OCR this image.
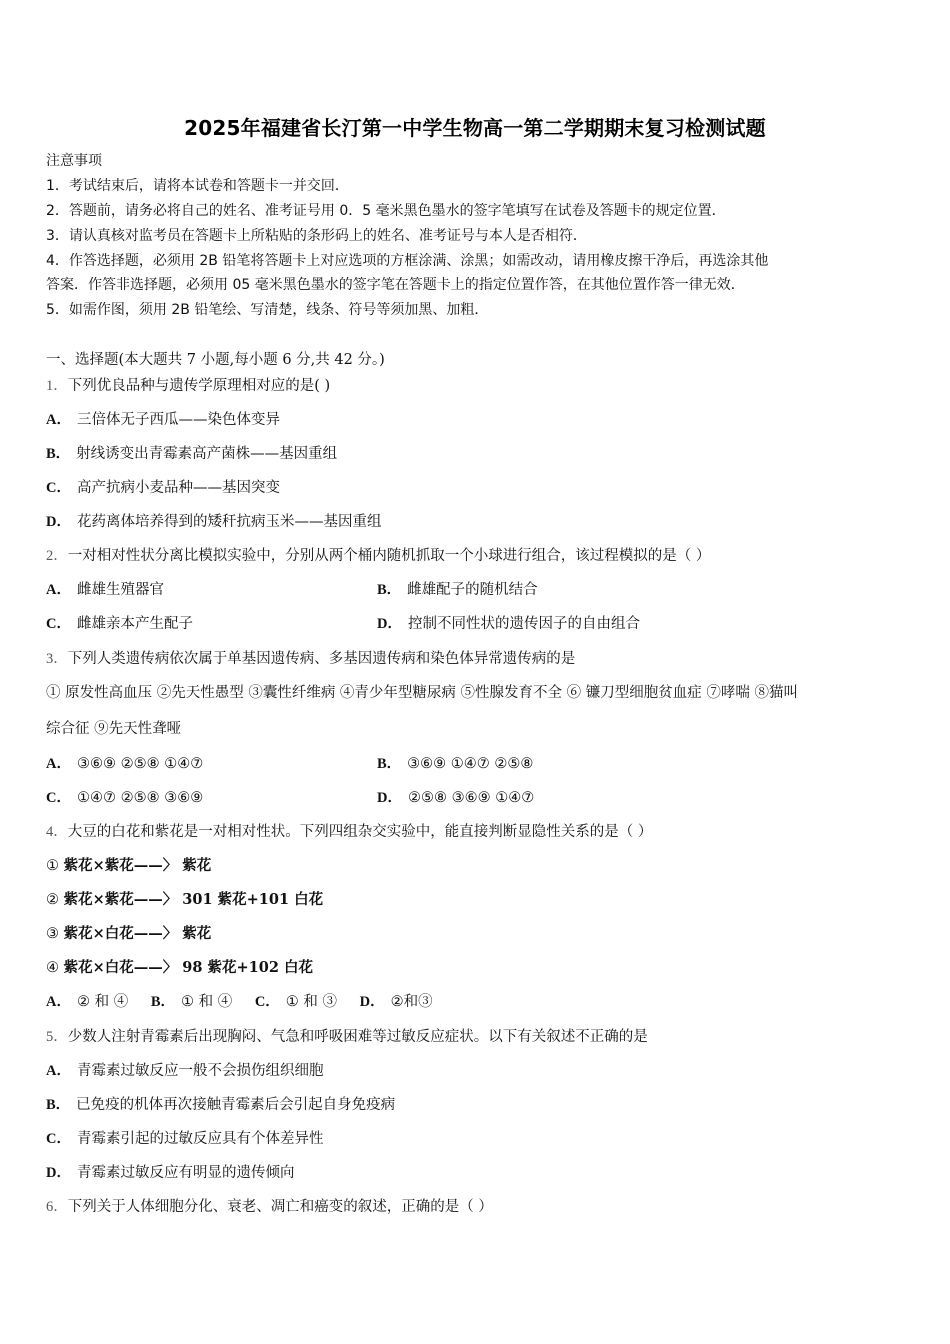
2025年福建省长汀第一中学生物高一第二学期期末复习检测试题
注意事项
1．考试结束后，请将本试卷和答题卡一并交回．
2．答题前，请务必将自己的姓名、准考证号用 0．5 毫米黑色墨水的签字笔填写在试卷及答题卡的规定位置．
3．请认真核对监考员在答题卡上所粘贴的条形码上的姓名、准考证号与本人是否相符．
4．作答选择题，必须用 2B 铅笔将答题卡上对应选项的方框涂满、涂黑；如需改动，请用橡皮擦干净后，再选涂其他
答案．作答非选择题，必须用 05 毫米黑色墨水的签字笔在答题卡上的指定位置作答，在其他位置作答一律无效．
5．如需作图，须用 2B 铅笔绘、写清楚，线条、符号等须加黑、加粗．
一、选择题(本大题共 7 小题,每小题 6 分,共 42 分。)
1．下列优良品种与遗传学原理相对应的是( )
A． 三倍体无子西瓜——染色体变异
B． 射线诱变出青霉素高产菌株——基因重组
C． 高产抗病小麦品种——基因突变
D． 花药离体培养得到的矮秆抗病玉米——基因重组
2．一对相对性状分离比模拟实验中，分别从两个桶内随机抓取一个小球进行组合，该过程模拟的是（ ）
A． 雌雄生殖器官	B． 雌雄配子的随机结合
C． 雌雄亲本产生配子	D． 控制不同性状的遗传因子的自由组合
3．下列人类遗传病依次属于单基因遗传病、多基因遗传病和染色体异常遗传病的是
① 原发性高血压 ②先天性愚型 ③囊性纤维病 ④青少年型糖尿病 ⑤性腺发育不全 ⑥ 镰刀型细胞贫血症 ⑦哮喘 ⑧猫叫
综合征 ⑨先天性聋哑
A． ③⑥⑨ ②⑤⑧ ①④⑦	B． ③⑥⑨ ①④⑦ ②⑤⑧
C． ①④⑦ ②⑤⑧ ③⑥⑨	D． ②⑤⑧ ③⑥⑨ ①④⑦
4．大豆的白花和紫花是一对相对性状。下列四组杂交实验中，能直接判断显隐性关系的是（ ）
① 紫花×紫花——〉 紫花
② 紫花×紫花——〉 301 紫花+101 白花
③ 紫花×白花——〉 紫花
④ 紫花×白花——〉 98 紫花+102 白花
A． ② 和 ④ B． ① 和 ④ C． ① 和 ③ D． ②和③
5．少数人注射青霉素后出现胸闷、气急和呼吸困难等过敏反应症状。以下有关叙述不正确的是
A． 青霉素过敏反应一般不会损伤组织细胞
B． 已免疫的机体再次接触青霉素后会引起自身免疫病
C． 青霉素引起的过敏反应具有个体差异性
D． 青霉素过敏反应有明显的遗传倾向
6．下列关于人体细胞分化、衰老、凋亡和癌变的叙述，正确的是（ ）
